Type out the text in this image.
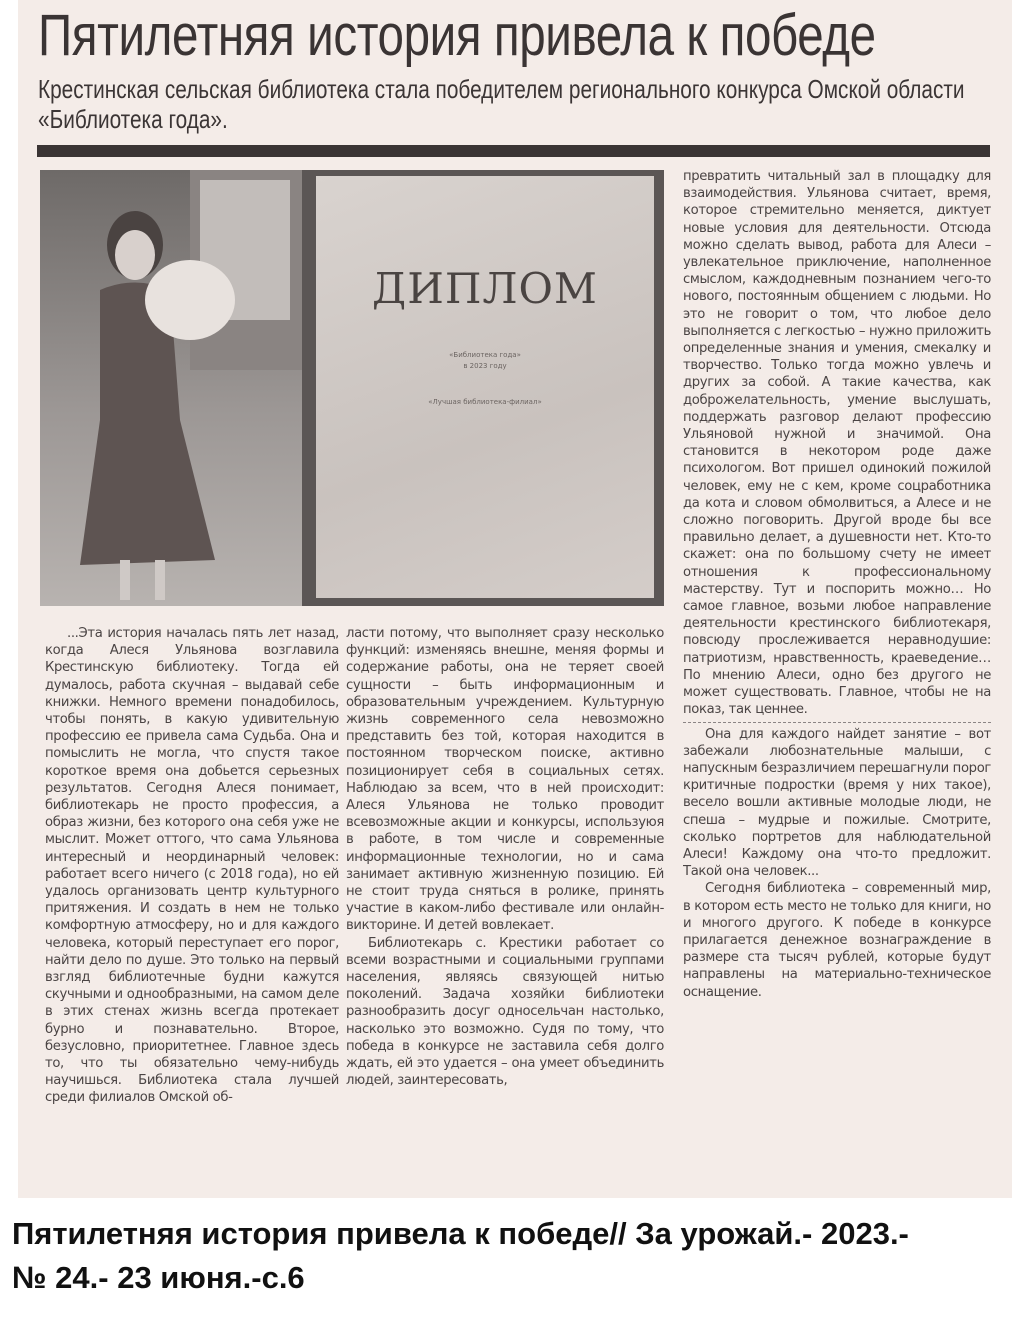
Пятилетняя история привела к победе
Крестинская сельская библиотека стала победителем регионального конкурса Омской области «Библиотека года».
ДИПЛОМ
«Библиотека года»
в 2023 году
«Лучшая библиотека-филиал»

...Эта история началась пять лет назад, когда Алеся Ульянова возглавила Крестинскую библиотеку. Тогда ей думалось, работа скучная – выдавай себе книжки. Немного времени понадобилось, чтобы понять, в какую удивительную профессию ее привела сама Судьба. Она и помыслить не могла, что спустя такое короткое время она добьется серьезных результатов. Сегодня Алеся понимает, библиотекарь не просто профессия, а образ жизни, без которого она себя уже не мыслит. Может оттого, что сама Ульянова интересный и неординарный человек: работает всего ничего (с 2018 года), но ей удалось организовать центр культурного притяжения. И создать в нем не только комфортную атмосферу, но и для каждого человека, который переступает его порог, найти дело по душе. Это только на первый взгляд библиотечные будни кажутся скучными и однообразными, на самом деле в этих стенах жизнь всегда протекает бурно и познавательно. Второе, безусловно, приоритетнее. Главное здесь то, что ты обязательно чему-нибудь научишься. Библиотека стала лучшей среди филиалов Омской об-

ласти потому, что выполняет сразу несколько функций: изменяясь внешне, меняя формы и содержание работы, она не теряет своей сущности – быть информационным и образовательным учреждением. Культурную жизнь современного села невозможно представить без той, которая находится в постоянном творческом поиске, активно позиционирует себя в социальных сетях. Наблюдаю за всем, что в ней происходит: Алеся Ульянова не только проводит всевозможные акции и конкурсы, используюя в работе, в том числе и современные информационные технологии, но и сама занимает активную жизненную позицию. Ей не стоит труда сняться в ролике, принять участие в каком-либо фестивале или онлайн-викторине. И детей вовлекает.

Библиотекарь с. Крестики работает со всеми возрастными и социальными группами населения, являясь связующей нитью поколений. Задача хозяйки библиотеки разнообразить досуг односельчан настолько, насколько это возможно. Судя по тому, что победа в конкурсе не заставила себя долго ждать, ей это удается – она умеет объединить людей, заинтересовать,

превратить читальный зал в площадку для взаимодействия. Ульянова считает, время, которое стремительно меняется, диктует новые условия для деятельности. Отсюда можно сделать вывод, работа для Алеси – увлекательное приключение, наполненное смыслом, каждодневным познанием чего-то нового, постоянным общением с людьми. Но это не говорит о том, что любое дело выполняется с легкостью – нужно приложить определенные знания и умения, смекалку и творчество. Только тогда можно увлечь и других за собой. А такие качества, как доброжелательность, умение выслушать, поддержать разговор делают профессию Ульяновой нужной и значимой. Она становится в некотором роде даже психологом. Вот пришел одинокий пожилой человек, ему не с кем, кроме соцработника да кота и словом обмолвиться, а Алесе и не сложно поговорить. Другой вроде бы все правильно делает, а душевности нет. Кто-то скажет: она по большому счету не имеет отношения к профессиональному мастерству. Тут и поспорить можно… Но самое главное, возьми любое направление деятельности крестинского библиотекаря, повсюду прослеживается неравнодушие: патриотизм, нравственность, краеведение… По мнению Алеси, одно без другого не может существовать. Главное, чтобы не на показ, так ценнее.

Она для каждого найдет занятие – вот забежали любознательные малыши, с напускным безразличием перешагнули порог критичные подростки (время у них такое), весело вошли активные молодые люди, не спеша – мудрые и пожилые. Смотрите, сколько портретов для наблюдательной Алеси! Каждому она что-то предложит. Такой она человек...

Сегодня библиотека – современный мир, в котором есть место не только для книги, но и многого другого. К победе в конкурсе прилагается денежное вознаграждение в размере ста тысяч рублей, которые будут направлены на материально-техническое оснащение.

Пятилетняя история привела к победе// За урожай.- 2023.-
№ 24.- 23 июня.-с.6
